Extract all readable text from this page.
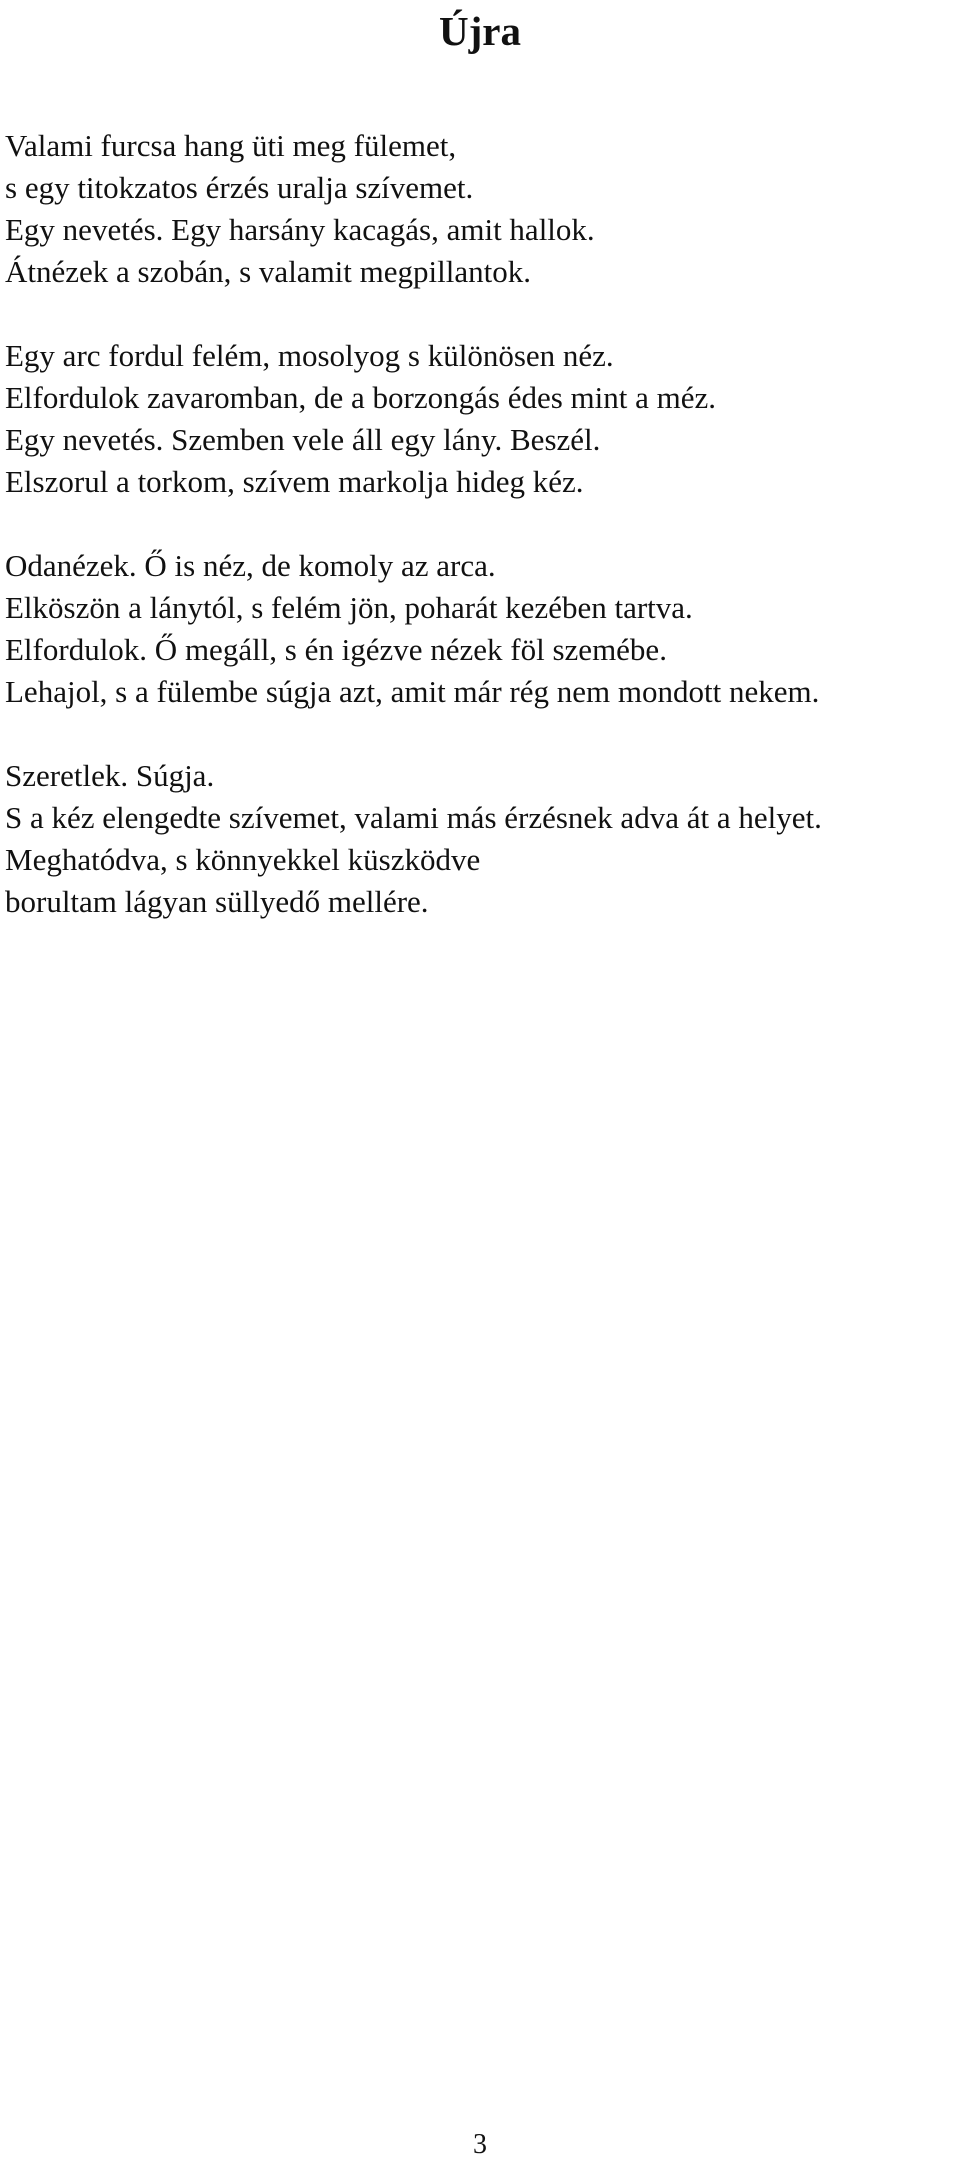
Újra
Valami furcsa hang üti meg fülemet,
s egy titokzatos érzés uralja szívemet.
Egy nevetés. Egy harsány kacagás, amit hallok.
Átnézek a szobán, s valamit megpillantok.
Egy arc fordul felém, mosolyog s különösen néz.
Elfordulok zavaromban, de a borzongás édes mint a méz.
Egy nevetés. Szemben vele áll egy lány. Beszél.
Elszorul a torkom, szívem markolja hideg kéz.
Odanézek. Ő is néz, de komoly az arca.
Elköszön a lánytól, s felém jön, poharát kezében tartva.
Elfordulok. Ő megáll, s én igézve nézek föl szemébe.
Lehajol, s a fülembe súgja azt, amit már rég nem mondott nekem.
Szeretlek. Súgja.
S a kéz elengedte szívemet, valami más érzésnek adva át a helyet.
Meghatódva, s könnyekkel küszködve
borultam lágyan süllyedő mellére.
3
